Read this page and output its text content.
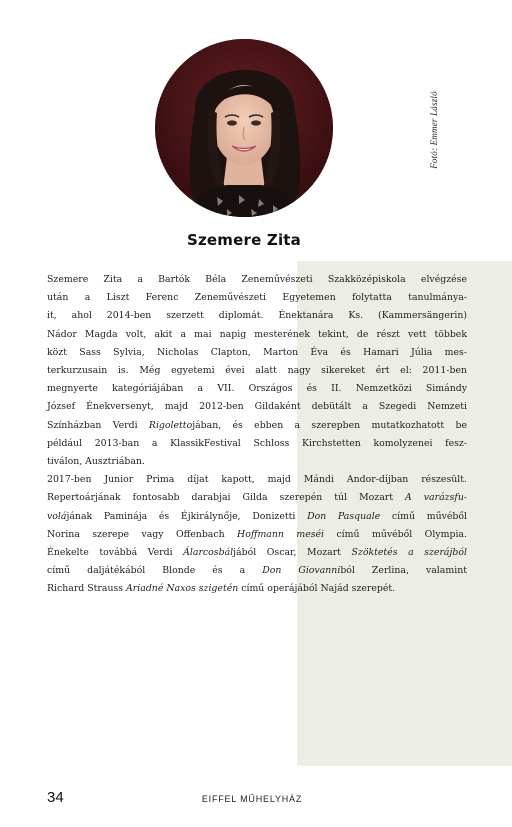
Fotó: Emmer László
Szemere Zita

Szemere Zita a Bartók Béla Zeneművészeti Szakközépiskola elvégzése
után a Liszt Ferenc Zeneművészeti Egyetemen folytatta tanulmánya-
it, ahol 2014-ben szerzett diplomát. Énektanára Ks. (Kammersängerin)
Nádor Magda volt, akit a mai napig mesterének tekint, de részt vett többek
közt Sass Sylvia, Nicholas Clapton, Marton Éva és Hamari Júlia mes-
terkurzusain is. Még egyetemi évei alatt nagy sikereket ért el: 2011-ben
megnyerte kategóriájában a VII. Országos és II. Nemzetközi Simándy
József Énekversenyt, majd 2012-ben Gildaként debütált a Szegedi Nemzeti
Színházban Verdi Rigolettojában, és ebben a szerepben mutatkozhatott be
például 2013-ban a KlassikFestival Schloss Kirchstetten komolyzenei fesz-
tiválon, Ausztriában.
2017-ben Junior Prima díjat kapott, majd Mándi Andor-díjban részesült.
Repertoárjának fontosabb darabjai Gilda szerepén túl Mozart A varázsfu-
volájának Paminája és Éjkirálynője, Donizetti Don Pasquale című művéből
Norina szerepe vagy Offenbach Hoffmann meséi című művéből Olympia.
Énekelte továbbá Verdi Álarcosbáljából Oscar, Mozart Szöktetés a szerájból
című daljátékából Blonde és a Don Giovanniból Zerlina, valamint
Richard Strauss Ariadné Naxos szigetén című operájából Najád szerepét.

34	EIFFEL MŰHELYHÁZ
